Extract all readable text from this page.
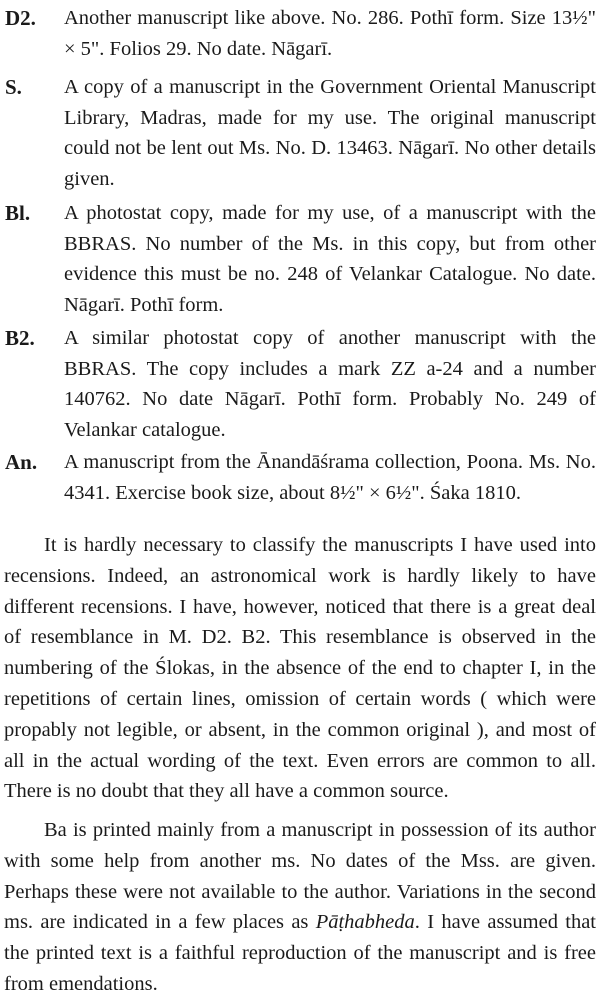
D2. Another manuscript like above. No. 286. Pothī form. Size 13½" × 5". Folios 29. No date. Nāgarī.
S. A copy of a manuscript in the Government Oriental Manuscript Library, Madras, made for my use. The original manuscript could not be lent out Ms. No. D. 13463. Nāgarī. No other details given.
Bl. A photostat copy, made for my use, of a manuscript with the BBRAS. No number of the Ms. in this copy, but from other evidence this must be no. 248 of Velankar Catalogue. No date. Nāgarī. Pothī form.
B2. A similar photostat copy of another manuscript with the BBRAS. The copy includes a mark ZZ a-24 and a number 140762. No date Nāgarī. Pothī form. Probably No. 249 of Velankar catalogue.
An. A manuscript from the Ānandāśrama collection, Poona. Ms. No. 4341. Exercise book size, about 8½" × 6½". Śaka 1810.

It is hardly necessary to classify the manuscripts I have used into recensions. Indeed, an astronomical work is hardly likely to have different recensions. I have, however, noticed that there is a great deal of resemblance in M. D2. B2. This resemblance is observed in the numbering of the Ślokas, in the absence of the end to chapter I, in the repetitions of certain lines, omission of certain words ( which were propably not legible, or absent, in the common original ), and most of all in the actual wording of the text. Even errors are common to all. There is no doubt that they all have a common source.

Ba is printed mainly from a manuscript in possession of its author with some help from another ms. No dates of the Mss. are given. Perhaps these were not available to the author. Variations in the second ms. are indicated in a few places as Pāṭhabheda. I have assumed that the printed text is a faithful reproduction of the manuscript and is free from emendations.
